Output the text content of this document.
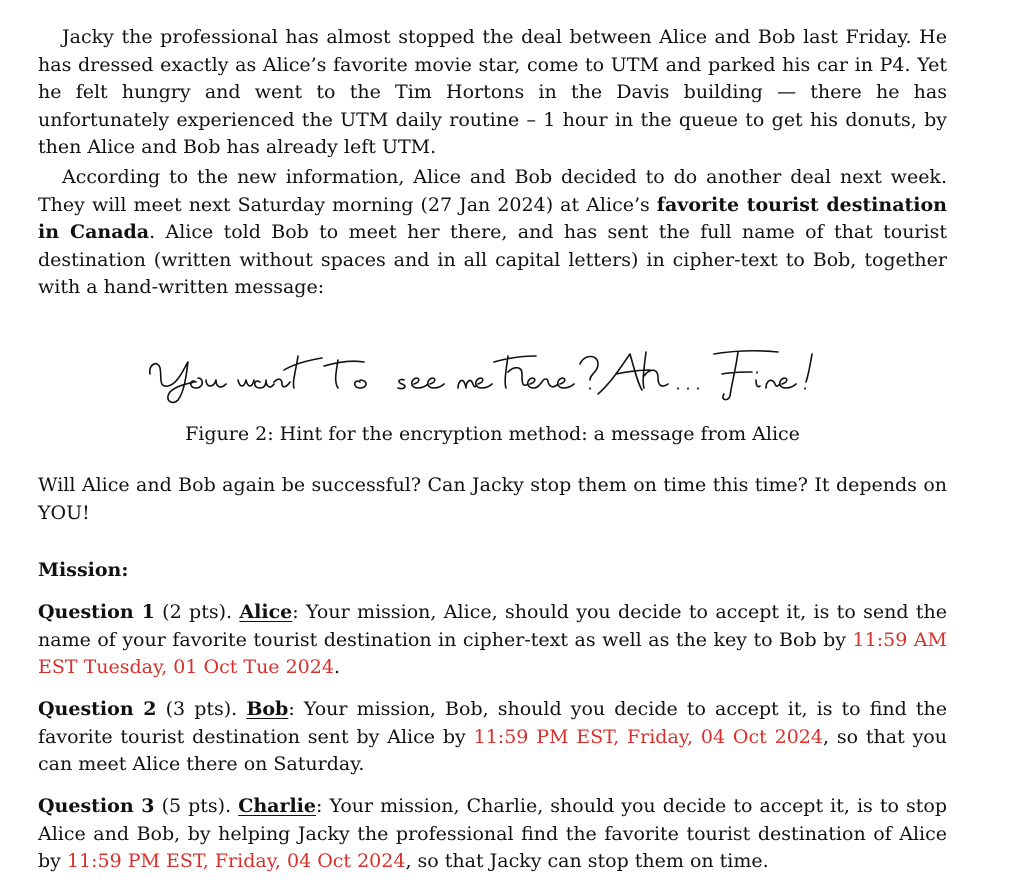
Jacky the professional has almost stopped the deal between Alice and Bob last Friday. He has dressed exactly as Alice’s favorite movie star, come to UTM and parked his car in P4. Yet he felt hungry and went to the Tim Hortons in the Davis building — there he has unfortunately experienced the UTM daily routine – 1 hour in the queue to get his donuts, by then Alice and Bob has already left UTM.

According to the new information, Alice and Bob decided to do another deal next week. They will meet next Saturday morning (27 Jan 2024) at Alice’s favorite tourist destination in Canada. Alice told Bob to meet her there, and has sent the full name of that tourist destination (written without spaces and in all capital letters) in cipher-text to Bob, together with a hand-written message:

Figure 2: Hint for the encryption method: a message from Alice

Will Alice and Bob again be successful? Can Jacky stop them on time this time? It depends on YOU!

Mission:

Question 1 (2 pts). Alice: Your mission, Alice, should you decide to accept it, is to send the name of your favorite tourist destination in cipher-text as well as the key to Bob by 11:59 AM EST Tuesday, 01 Oct Tue 2024.

Question 2 (3 pts). Bob: Your mission, Bob, should you decide to accept it, is to find the favorite tourist destination sent by Alice by 11:59 PM EST, Friday, 04 Oct 2024, so that you can meet Alice there on Saturday.

Question 3 (5 pts). Charlie: Your mission, Charlie, should you decide to accept it, is to stop Alice and Bob, by helping Jacky the professional find the favorite tourist destination of Alice by 11:59 PM EST, Friday, 04 Oct 2024, so that Jacky can stop them on time.
